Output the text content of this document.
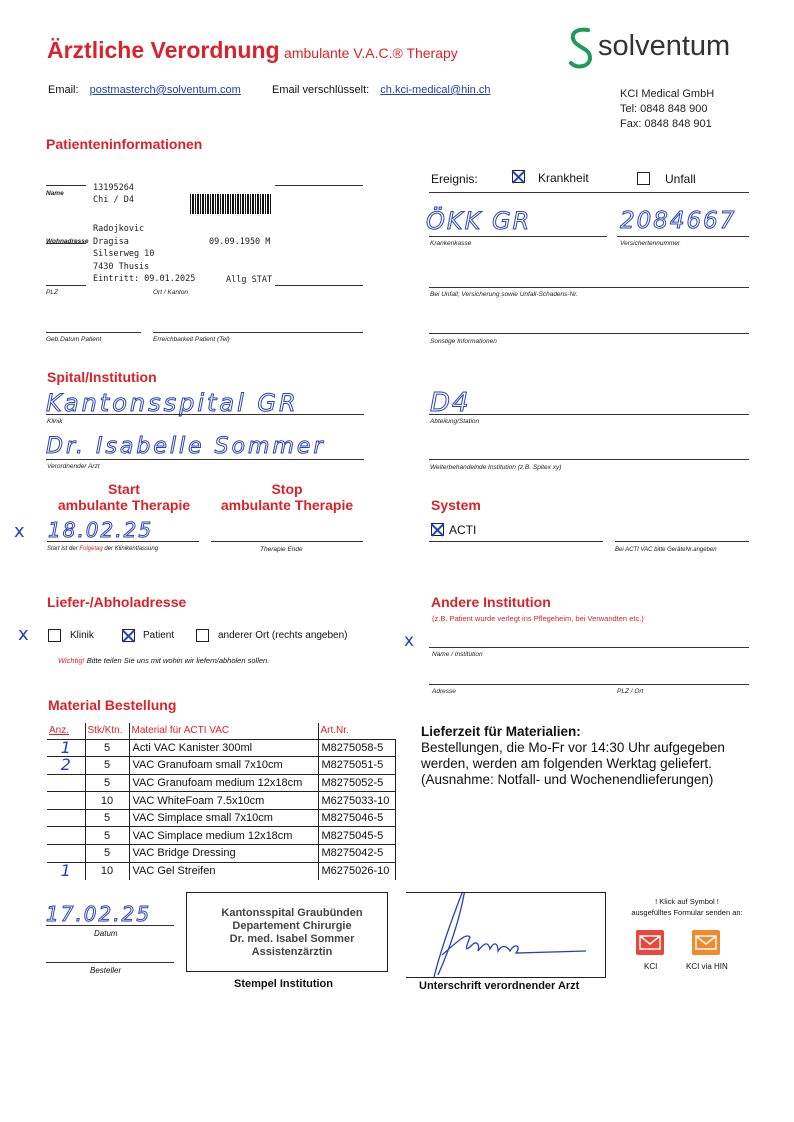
Ärztliche Verordnung ambulante V.A.C.® Therapy	solventum
Email: postmasterch@solventum.com	Email verschlüsselt: ch.kci-medical@hin.ch	KCI Medical GmbH
Tel: 0848 848 900
Fax: 0848 848 901
Patienteninformationen
Name
Wohnadresse
PLZ	Ort / Kanton
13195264
Chi / D4
Radojkovic
Dragisa
Silserweg 10
7430 Thusis
Eintritt: 09.01.2025
09.09.1950 M
Allg STAT
Geb.Datum Patient	Erreichbarkeit Patient (Tel)
Ereignis:	Krankheit	Unfall
ÖKK GR	2084667
Krankenkasse	Versichertennummer
Bei Unfall; Versicherung sowie Unfall-Schadens-Nr.
Sonstige Informationen
Spital/Institution
Kantonsspital GR
Klinik
Dr. Isabelle Sommer
Verordnender Arzt
D4
Abteilung/Station
Weiterbehandelnde Institution (z.B. Spitex xy)
Start
ambulante Therapie
Stop
ambulante Therapie
x 18.02.25
Start ist der Folgetag der Klinikentlassung	Therapie Ende
System
ACTI
Bei ACTI VAC bitte GeräteNr.angeben
Liefer-/Abholadresse
x	Klinik	Patient	anderer Ort (rechts angeben)
Wichtig! Bitte teilen Sie uns mit wohin wir liefern/abholen sollen.
Andere Institution
(z.B. Patient wurde verlegt ins Pflegeheim, bei Verwandten etc.)
x
Name / Institution
Adresse	PLZ / Ort
Material Bestellung
Anz.	Stk/Ktn.	Material für ACTI VAC	Art.Nr.
1	5	Acti VAC Kanister 300ml	M8275058-5
2	5	VAC Granufoam small 7x10cm	M8275051-5
	5	VAC Granufoam medium 12x18cm	M8275052-5
	10	VAC WhiteFoam 7.5x10cm	M6275033-10
	5	VAC Simplace small 7x10cm	M8275046-5
	5	VAC Simplace medium 12x18cm	M8275045-5
	5	VAC Bridge Dressing	M8275042-5
1	10	VAC Gel Streifen	M6275026-10
Lieferzeit für Materialien:
Bestellungen, die Mo-Fr vor 14:30 Uhr aufgegeben werden, werden am folgenden Werktag geliefert. (Ausnahme: Notfall- und Wochenendlieferungen)
17.02.25
Datum
Besteller
Kantonsspital Graubünden
Departement Chirurgie
Dr. med. Isabel Sommer
Assistenzärztin
Stempel Institution	Unterschrift verordnender Arzt
! Klick auf Symbol !
ausgefülltes Formular senden an:
KCI	KCI via HIN
